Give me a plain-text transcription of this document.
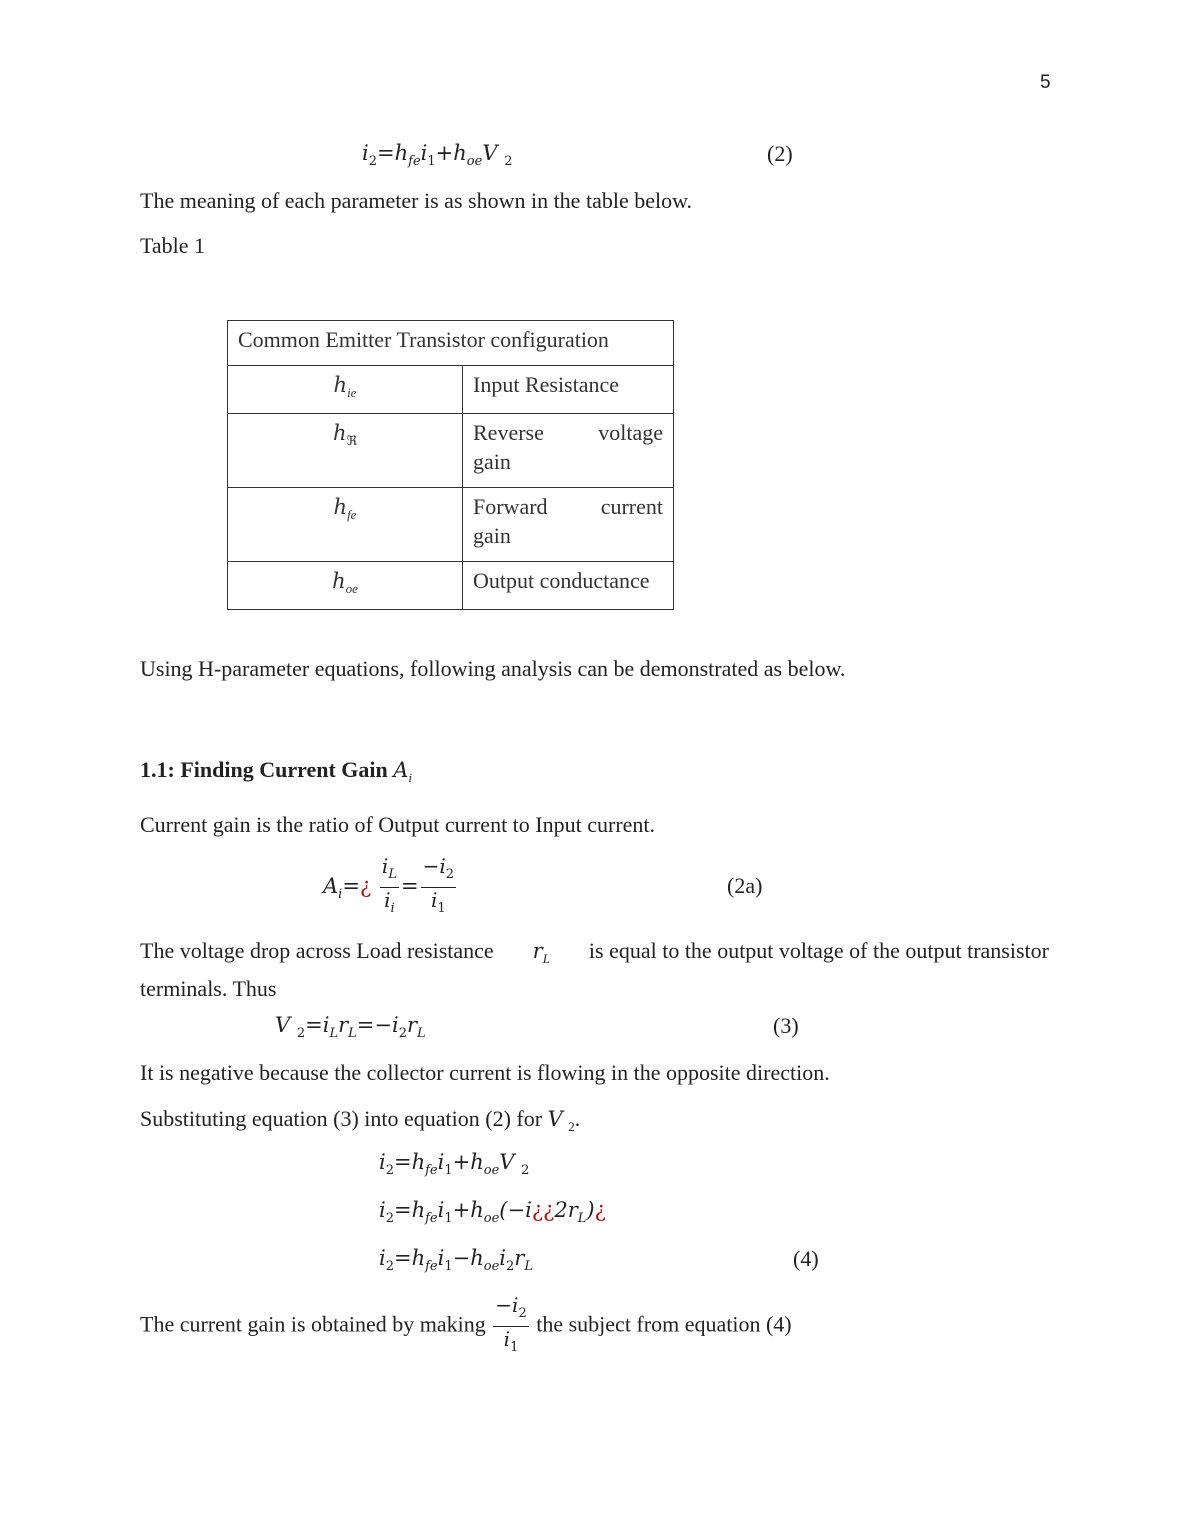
5
$i_2=h_{fe}i_1+h_{oe}V$ $_2$	(2)
The meaning of each parameter is as shown in the table below.
Table 1
Common Emitter Transistor configuration	
$h_{ie}$	Input Resistance
$h_ℜ$	Reverse voltage
gain

$h_{fe}$	Forward current
gain

$h_{oe}$	Output conductance
Using H-parameter equations, following analysis can be demonstrated as below.
1.1: Finding Current Gain $A_i$
Current gain is the ratio of Output current to Input current.
$A_i=¿ \frac{i_L}{i_i} = \frac{-i_2}{i_1}$	(2a)
The voltage drop across Load resistance $r_L$ is equal to the output voltage of the output transistor
terminals. Thus
V $_2=i_Lr_L=-i_2r_L$	(3)
It is negative because the collector current is flowing in the opposite direction.
Substituting equation (3) into equation (2) for V $_2$.
$i_2=h_{fe}i_1+h_{oe}V$ $_2$
$i_2=h_{fe}i_1+h_{oe}(-i¿¿2r_L)¿$
$i_2=h_{fe}i_1-h_{oe}i_2r_L$	(4)
The current gain is obtained by making $\frac{-i_2}{i_1}$ the subject from equation (4)
